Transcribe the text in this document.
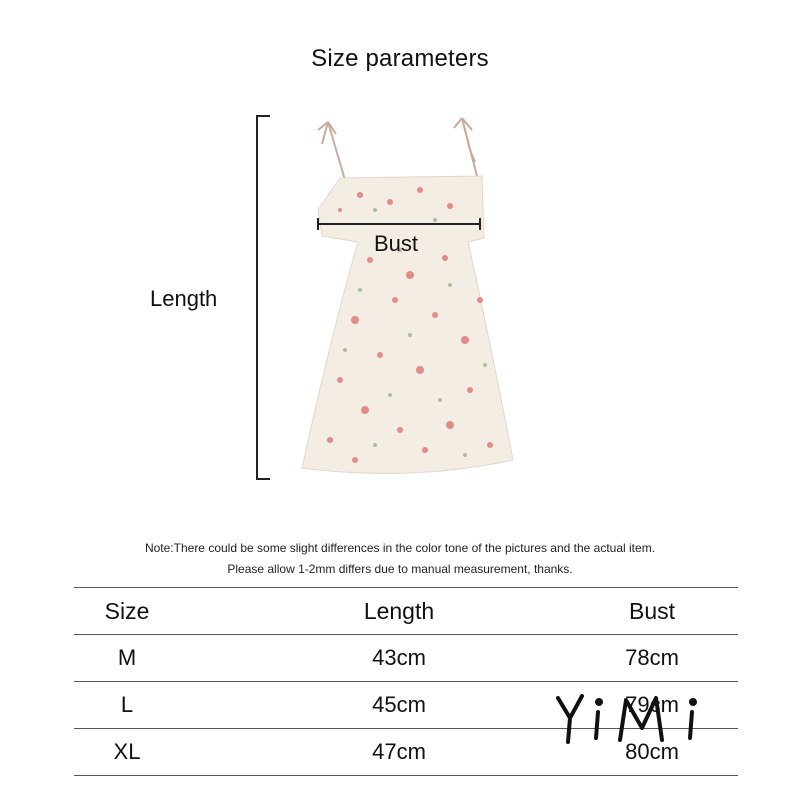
Size parameters
Length
Bust
Note:There could be some slight differences in the color tone of the pictures and the actual item.
Please allow 1-2mm differs due to manual measurement, thanks.
Size	Length	Bust
M	43cm	78cm
L	45cm	79cm
XL	47cm	80cm
